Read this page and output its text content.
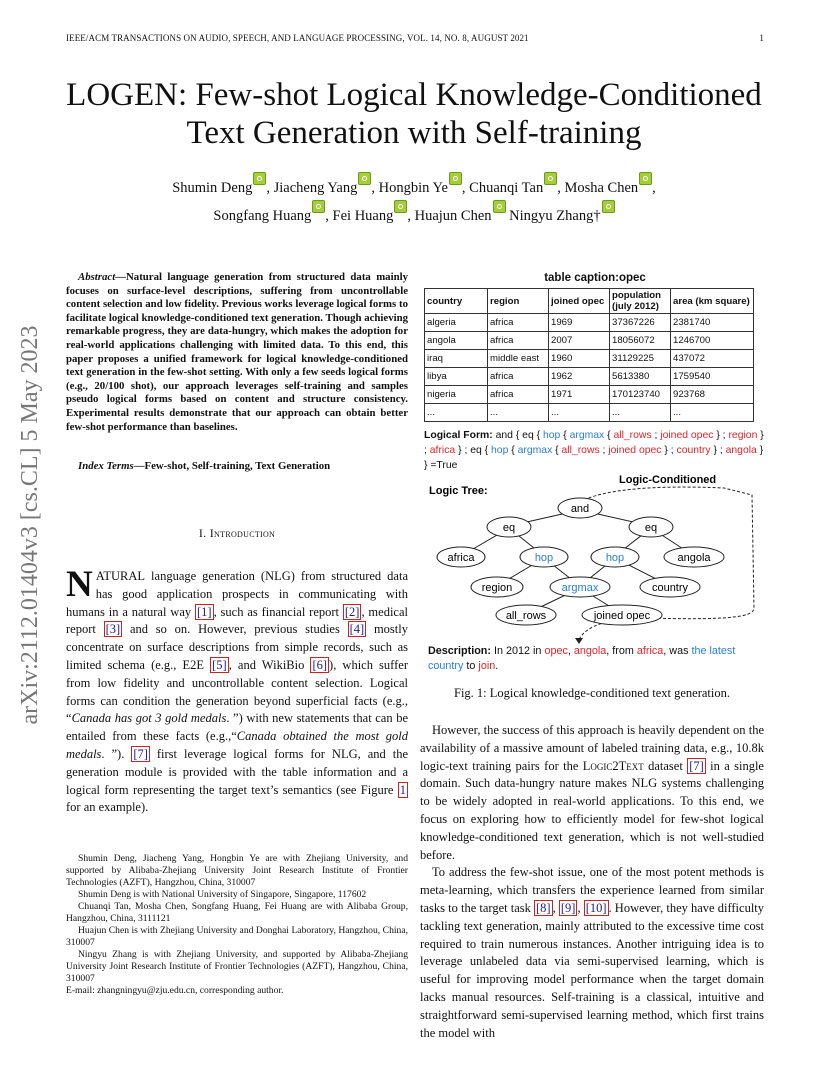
IEEE/ACM TRANSACTIONS ON AUDIO, SPEECH, AND LANGUAGE PROCESSING, VOL. 14, NO. 8, AUGUST 2021	1
LOGEN: Few-shot Logical Knowledge-Conditioned
Text Generation with Self-training
Shumin Deng , Jiacheng Yang , Hongbin Ye , Chuanqi Tan , Mosha Chen ,
Songfang Huang , Fei Huang , Huajun Chen Ningyu Zhang†
arXiv:2112.01404v3 [cs.CL] 5 May 2023
Abstract—Natural language generation from structured data mainly focuses on surface-level descriptions, suffering from uncontrollable content selection and low fidelity. Previous works leverage logical forms to facilitate logical knowledge-conditioned text generation. Though achieving remarkable progress, they are data-hungry, which makes the adoption for real-world applications challenging with limited data. To this end, this paper proposes a unified framework for logical knowledge-conditioned text generation in the few-shot setting. With only a few seeds logical forms (e.g., 20/100 shot), our approach leverages self-training and samples pseudo logical forms based on content and structure consistency. Experimental results demonstrate that our approach can obtain better few-shot performance than baselines.
Index Terms—Few-shot, Self-training, Text Generation
I. Introduction
NATURAL language generation (NLG) from structured data has good application prospects in communicating with humans in a natural way [1] , such as financial report [2] , medical report [3] and so on. However, previous studies [4] mostly concentrate on surface descriptions from simple records, such as limited schema (e.g., E2E [5] , and WikiBio [6] ), which suffer from low fidelity and uncontrollable content selection. Logical forms can condition the generation beyond superficial facts (e.g., “Canada has got 3 gold medals. ”) with new statements that can be entailed from these facts (e.g.,“Canada obtained the most gold medals. ”). [7] first leverage logical forms for NLG, and the generation module is provided with the table information and a logical form representing the target text’s semantics (see Figure 1 for an example).

Shumin Deng, Jiacheng Yang, Hongbin Ye are with Zhejiang University, and supported by Alibaba-Zhejiang University Joint Research Institute of Frontier Technologies (AZFT), Hangzhou, China, 310007

Shumin Deng is with National University of Singapore, Singapore, 117602

Chuanqi Tan, Mosha Chen, Songfang Huang, Fei Huang are with Alibaba Group, Hangzhou, China, 3111121

Huajun Chen is with Zhejiang University and Donghai Laboratory, Hangzhou, China, 310007

Ningyu Zhang is with Zhejiang University, and supported by Alibaba-Zhejiang University Joint Research Institute of Frontier Technologies (AZFT), Hangzhou, China, 310007

E-mail: zhangningyu@zju.edu.cn, corresponding author.

table caption:opec
country	region	joined opec	population (july 2012)	area (km square)
algeria	africa	1969	37367226	2381740
angola	africa	2007	18056072	1246700
iraq	middle east	1960	31129225	437072
libya	africa	1962	5613380	1759540
nigeria	africa	1971	170123740	923768
...	...	...	...	...
Logical Form: and { eq { hop { argmax { all_rows ; joined opec } ; region } ; africa } ; eq { hop { argmax { all_rows ; joined opec } ; country } ; angola } } =True
Logic Tree:
Logic-Conditioned
and
eq	eq
africa	hop	hop	angola
region	argmax	country
all_rows	joined opec
Description: In 2012 in opec, angola, from africa, was the latest country to join.
Fig. 1: Logical knowledge-conditioned text generation.
However, the success of this approach is heavily dependent on the availability of a massive amount of labeled training data, e.g., 10.8k logic-text training pairs for the Logic2Text dataset [7] in a single domain. Such data-hungry nature makes NLG systems challenging to be widely adopted in real-world applications. To this end, we focus on exploring how to efficiently model for few-shot logical knowledge-conditioned text generation, which is not well-studied before.
To address the few-shot issue, one of the most potent methods is meta-learning, which transfers the experience learned from similar tasks to the target task [8] , [9] , [10] . However, they have difficulty tackling text generation, mainly attributed to the excessive time cost required to train numerous instances. Another intriguing idea is to leverage unlabeled data via semi-supervised learning, which is useful for improving model performance when the target domain lacks manual resources. Self-training is a classical, intuitive and straightforward semi-supervised learning method, which first trains the model with
